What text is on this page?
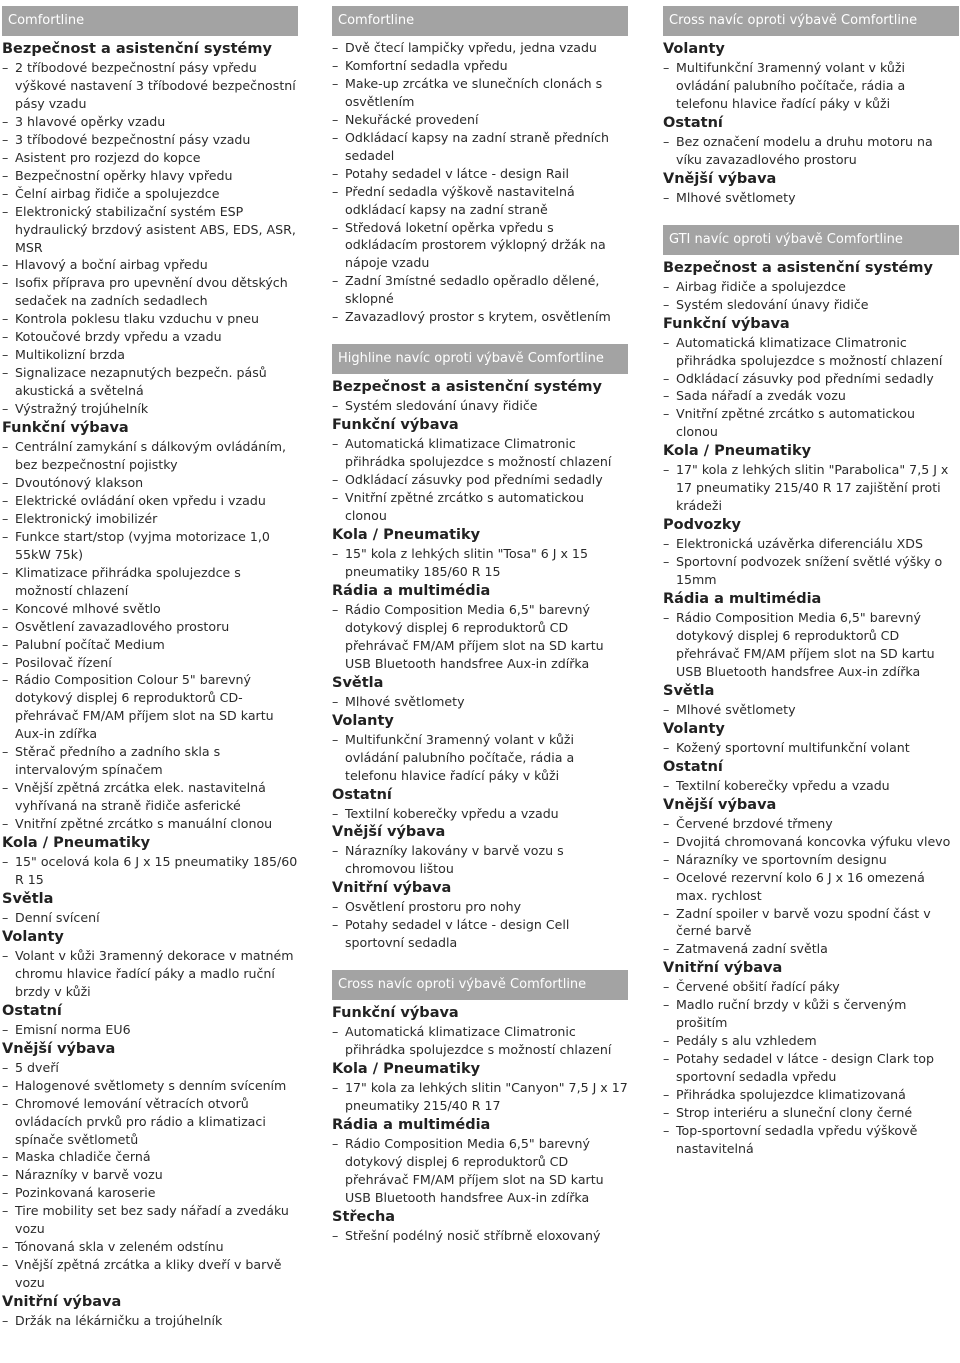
Comfortline
Bezpečnost a asistenční systémy
– 2 tříbodové bezpečnostní pásy vpředu výškové nastavení 3 tříbodové bezpečnostní pásy vzadu
– 3 hlavové opěrky vzadu
– 3 tříbodové bezpečnostní pásy vzadu
– Asistent pro rozjezd do kopce
– Bezpečnostní opěrky hlavy vpředu
– Čelní airbag řidiče a spolujezdce
– Elektronický stabilizační systém ESP hydraulický brzdový asistent ABS, EDS, ASR, MSR
– Hlavový a boční airbag vpředu
– Isofix příprava pro upevnění dvou dětských sedaček na zadních sedadlech
– Kontrola poklesu tlaku vzduchu v pneu
– Kotoučové brzdy vpředu a vzadu
– Multikolizní brzda
– Signalizace nezapnutých bezpečn. pásů akustická a světelná
– Výstražný trojúhelník
Funkční výbava
– Centrální zamykání s dálkovým ovládáním, bez bezpečnostní pojistky
– Dvoutónový klakson
– Elektrické ovládání oken vpředu i vzadu
– Elektronický imobilizér
– Funkce start/stop (vyjma motorizace 1,0 55kW 75k)
– Klimatizace přihrádka spolujezdce s možností chlazení
– Koncové mlhové světlo
– Osvětlení zavazadlového prostoru
– Palubní počítač Medium
– Posilovač řízení
– Rádio Composition Colour 5" barevný dotykový displej 6 reproduktorů CD-přehrávač FM/AM příjem slot na SD kartu Aux-in zdířka
– Stěrač předního a zadního skla s intervalovým spínačem
– Vnější zpětná zrcátka elek. nastavitelná vyhřívaná na straně řidiče asferické
– Vnitřní zpětné zrcátko s manuální clonou
Kola / Pneumatiky
– 15" ocelová kola 6 J x 15 pneumatiky 185/60 R 15
Světla
– Denní svícení
Volanty
– Volant v kůži 3ramenný dekorace v matném chromu hlavice řadící páky a madlo ruční brzdy v kůži
Ostatní
– Emisní norma EU6
Vnější výbava
– 5 dveří
– Halogenové světlomety s denním svícením
– Chromové lemování větracích otvorů ovládacích prvků pro rádio a klimatizaci spínače světlometů
– Maska chladiče černá
– Nárazníky v barvě vozu
– Pozinkovaná karoserie
– Tire mobility set bez sady nářadí a zvedáku vozu
– Tónovaná skla v zeleném odstínu
– Vnější zpětná zrcátka a kliky dveří v barvě vozu
Vnitřní výbava
– Držák na lékárničku a trojúhelník
Comfortline
– Dvě čtecí lampičky vpředu, jedna vzadu
– Komfortní sedadla vpředu
– Make-up zrcátka ve slunečních clonách s osvětlením
– Nekuřácké provedení
– Odkládací kapsy na zadní straně předních sedadel
– Potahy sedadel v látce - design Rail
– Přední sedadla výškově nastavitelná odkládací kapsy na zadní straně
– Středová loketní opěrka vpředu s odkládacím prostorem výklopný držák na nápoje vzadu
– Zadní 3místné sedadlo opěradlo dělené, sklopné
– Zavazadlový prostor s krytem, osvětlením
Highline navíc oproti výbavě Comfortline
Bezpečnost a asistenční systémy
– Systém sledování únavy řidiče
Funkční výbava
– Automatická klimatizace Climatronic přihrádka spolujezdce s možností chlazení
– Odkládací zásuvky pod předními sedadly
– Vnitřní zpětné zrcátko s automatickou clonou
Kola / Pneumatiky
– 15" kola z lehkých slitin "Tosa" 6 J x 15 pneumatiky 185/60 R 15
Rádia a multimédia
– Rádio Composition Media 6,5" barevný dotykový displej 6 reproduktorů CD přehrávač FM/AM příjem slot na SD kartu USB Bluetooth handsfree Aux-in zdířka
Světla
– Mlhové světlomety
Volanty
– Multifunkční 3ramenný volant v kůži ovládání palubního počítače, rádia a telefonu hlavice řadící páky v kůži
Ostatní
– Textilní koberečky vpředu a vzadu
Vnější výbava
– Nárazníky lakovány v barvě vozu s chromovou lištou
Vnitřní výbava
– Osvětlení prostoru pro nohy
– Potahy sedadel v látce - design Cell sportovní sedadla
Cross navíc oproti výbavě Comfortline
Funkční výbava
– Automatická klimatizace Climatronic přihrádka spolujezdce s možností chlazení
Kola / Pneumatiky
– 17" kola za lehkých slitin "Canyon" 7,5 J x 17 pneumatiky 215/40 R 17
Rádia a multimédia
– Rádio Composition Media 6,5" barevný dotykový displej 6 reproduktorů CD přehrávač FM/AM příjem slot na SD kartu USB Bluetooth handsfree Aux-in zdířka
Střecha
– Střešní podélný nosič stříbrně eloxovaný
Cross navíc oproti výbavě Comfortline
Volanty
– Multifunkční 3ramenný volant v kůži ovládání palubního počítače, rádia a telefonu hlavice řadící páky v kůži
Ostatní
– Bez označení modelu a druhu motoru na víku zavazadlového prostoru
Vnější výbava
– Mlhové světlomety
GTI navíc oproti výbavě Comfortline
Bezpečnost a asistenční systémy
– Airbag řidiče a spolujezdce
– Systém sledování únavy řidiče
Funkční výbava
– Automatická klimatizace Climatronic přihrádka spolujezdce s možností chlazení
– Odkládací zásuvky pod předními sedadly
– Sada nářadí a zvedák vozu
– Vnitřní zpětné zrcátko s automatickou clonou
Kola / Pneumatiky
– 17" kola z lehkých slitin "Parabolica" 7,5 J x 17 pneumatiky 215/40 R 17 zajištění proti krádeži
Podvozky
– Elektronická uzávěrka diferenciálu XDS
– Sportovní podvozek snížení světlé výšky o 15mm
Rádia a multimédia
– Rádio Composition Media 6,5" barevný dotykový displej 6 reproduktorů CD přehrávač FM/AM příjem slot na SD kartu USB Bluetooth handsfree Aux-in zdířka
Světla
– Mlhové světlomety
Volanty
– Kožený sportovní multifunkční volant
Ostatní
– Textilní koberečky vpředu a vzadu
Vnější výbava
– Červené brzdové třmeny
– Dvojitá chromovaná koncovka výfuku vlevo
– Nárazníky ve sportovním designu
– Ocelové rezervní kolo 6 J x 16 omezená max. rychlost
– Zadní spoiler v barvě vozu spodní část v černé barvě
– Zatmavená zadní světla
Vnitřní výbava
– Červené obšití řadící páky
– Madlo ruční brzdy v kůži s červeným prošitím
– Pedály s alu vzhledem
– Potahy sedadel v látce - design Clark top sportovní sedadla vpředu
– Přihrádka spolujezdce klimatizovaná
– Strop interiéru a sluneční clony černé
– Top-sportovní sedadla vpředu výškově nastavitelná
